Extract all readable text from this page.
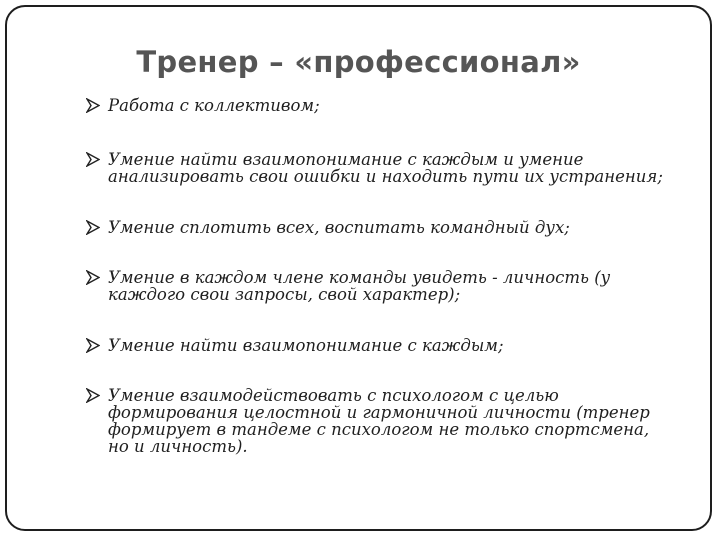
Тренер – «профессионал»
Работа с коллективом;
Умение найти взаимопонимание с каждым и умение анализировать свои ошибки и находить пути их устранения;
Умение сплотить всех, воспитать командный дух;
Умение в каждом члене команды увидеть - личность (у каждого свои запросы, свой характер);
Умение найти взаимопонимание с каждым;
Умение взаимодействовать с психологом с целью формирования целостной и гармоничной личности (тренер формирует в тандеме с психологом не только спортсмена, но и личность).
